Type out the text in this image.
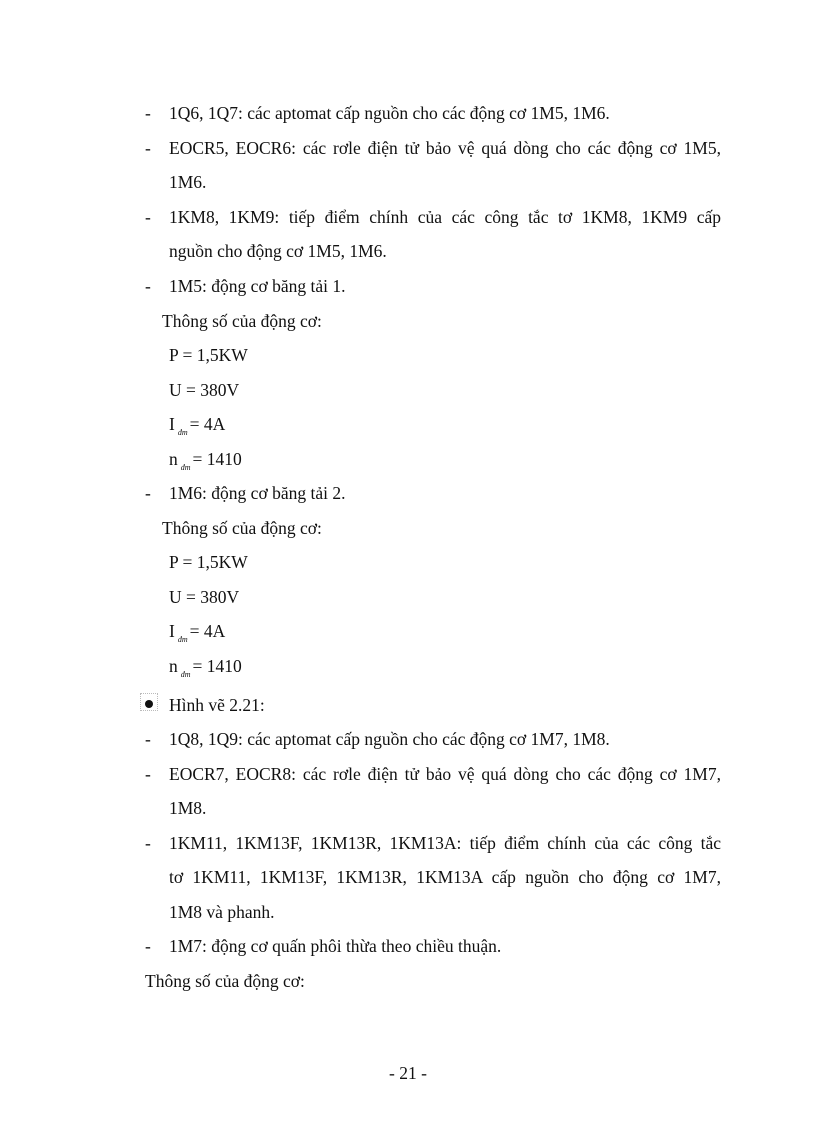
- 1Q6, 1Q7: các aptomat cấp nguồn cho các động cơ 1M5, 1M6.
- EOCR5, EOCR6: các rơle điện tử bảo vệ quá dòng cho các động cơ 1M5,
1M6.
- 1KM8, 1KM9: tiếp điểm chính của các công tắc tơ 1KM8, 1KM9 cấp
nguồn cho động cơ 1M5, 1M6.
- 1M5: động cơ băng tải 1.
Thông số của động cơ:
P = 1,5KW
U = 380V
I $_{đm}$ = 4A
n $_{đm}$ = 1410
- 1M6: động cơ băng tải 2.
Thông số của động cơ:
P = 1,5KW
U = 380V
I $_{đm}$ = 4A
n $_{đm}$ = 1410
Hình vẽ 2.21:
- 1Q8, 1Q9: các aptomat cấp nguồn cho các động cơ 1M7, 1M8.
- EOCR7, EOCR8: các rơle điện tử bảo vệ quá dòng cho các động cơ 1M7,
1M8.
- 1KM11, 1KM13F, 1KM13R, 1KM13A: tiếp điểm chính của các công tắc
tơ 1KM11, 1KM13F, 1KM13R, 1KM13A cấp nguồn cho động cơ 1M7,
1M8 và phanh.
- 1M7: động cơ quấn phôi thừa theo chiều thuận.
Thông số của động cơ:
- 21 -
